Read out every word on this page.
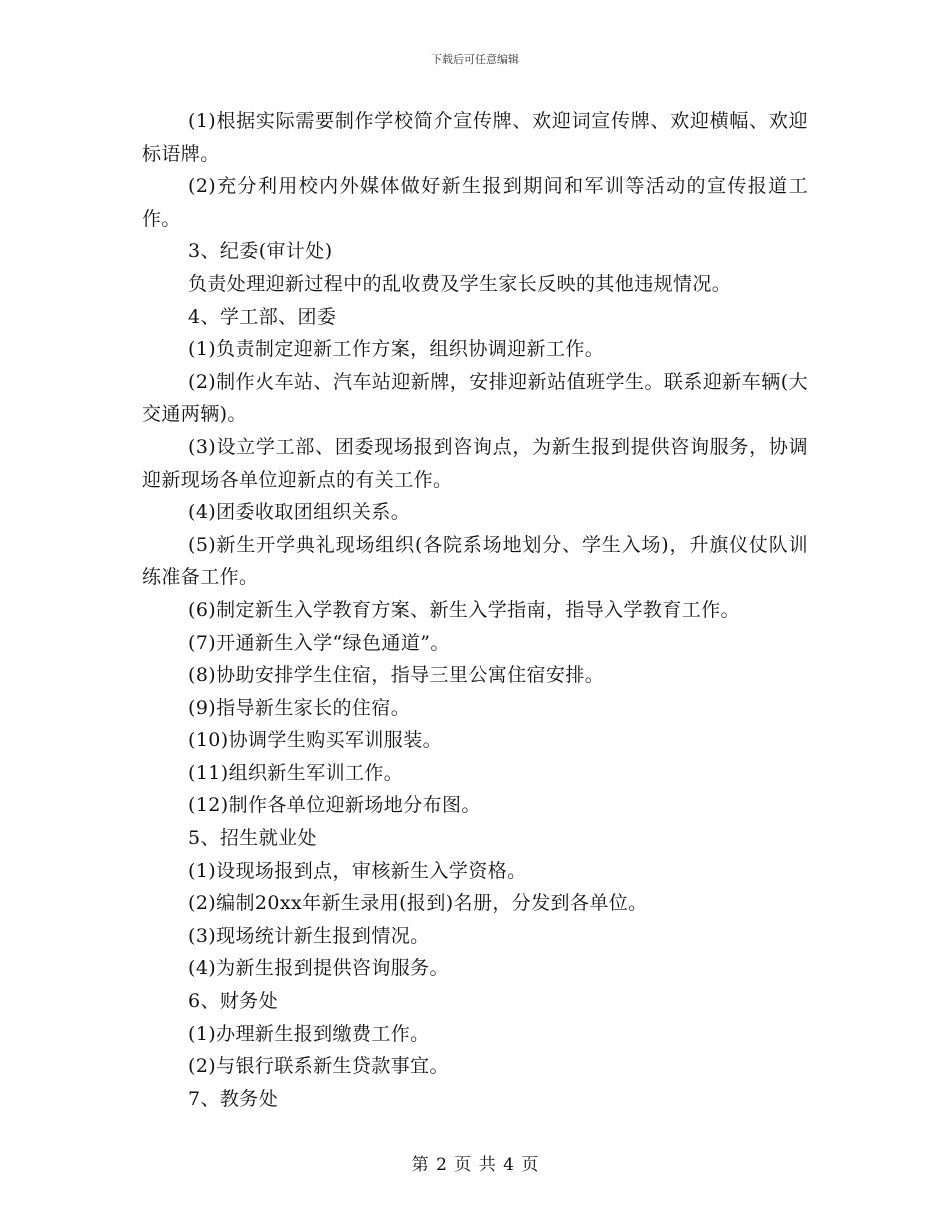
下载后可任意编辑

(1)根据实际需要制作学校简介宣传牌、欢迎词宣传牌、欢迎横幅、欢迎标语牌。

(2)充分利用校内外媒体做好新生报到期间和军训等活动的宣传报道工作。

3、纪委(审计处)

负责处理迎新过程中的乱收费及学生家长反映的其他违规情况。

4、学工部、团委

(1)负责制定迎新工作方案，组织协调迎新工作。

(2)制作火车站、汽车站迎新牌，安排迎新站值班学生。联系迎新车辆(大交通两辆)。

(3)设立学工部、团委现场报到咨询点，为新生报到提供咨询服务，协调迎新现场各单位迎新点的有关工作。

(4)团委收取团组织关系。

(5)新生开学典礼现场组织(各院系场地划分、学生入场)，升旗仪仗队训练准备工作。

(6)制定新生入学教育方案、新生入学指南，指导入学教育工作。

(7)开通新生入学“绿色通道”。

(8)协助安排学生住宿，指导三里公寓住宿安排。

(9)指导新生家长的住宿。

(10)协调学生购买军训服装。

(11)组织新生军训工作。

(12)制作各单位迎新场地分布图。

5、招生就业处

(1)设现场报到点，审核新生入学资格。

(2)编制20xx年新生录用(报到)名册，分发到各单位。

(3)现场统计新生报到情况。

(4)为新生报到提供咨询服务。

6、财务处

(1)办理新生报到缴费工作。

(2)与银行联系新生贷款事宜。

7、教务处

第 2 页 共 4 页
